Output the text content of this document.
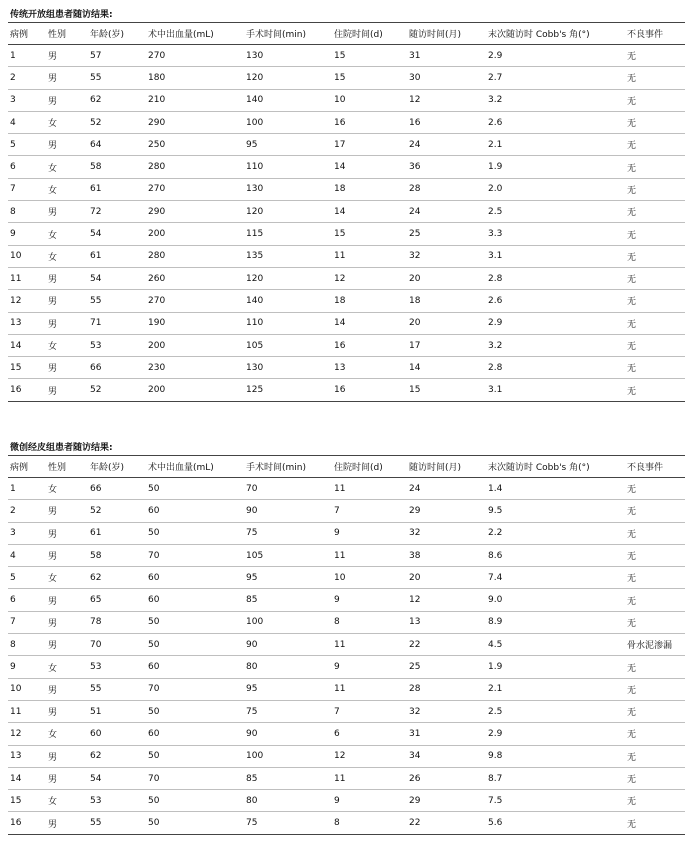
传统开放组患者随访结果:
病例	性别	年龄(岁)	术中出血量(mL)	手术时间(min)	住院时间(d)	随访时间(月)	末次随访时 Cobb's 角(°)	不良事件
1	男	57	270	130	15	31	2.9	无
2	男	55	180	120	15	30	2.7	无
3	男	62	210	140	10	12	3.2	无
4	女	52	290	100	16	16	2.6	无
5	男	64	250	95	17	24	2.1	无
6	女	58	280	110	14	36	1.9	无
7	女	61	270	130	18	28	2.0	无
8	男	72	290	120	14	24	2.5	无
9	女	54	200	115	15	25	3.3	无
10	女	61	280	135	11	32	3.1	无
11	男	54	260	120	12	20	2.8	无
12	男	55	270	140	18	18	2.6	无
13	男	71	190	110	14	20	2.9	无
14	女	53	200	105	16	17	3.2	无
15	男	66	230	130	13	14	2.8	无
16	男	52	200	125	16	15	3.1	无
微创经皮组患者随访结果:
病例	性别	年龄(岁)	术中出血量(mL)	手术时间(min)	住院时间(d)	随访时间(月)	末次随访时 Cobb's 角(°)	不良事件
1	女	66	50	70	11	24	1.4	无
2	男	52	60	90	7	29	9.5	无
3	男	61	50	75	9	32	2.2	无
4	男	58	70	105	11	38	8.6	无
5	女	62	60	95	10	20	7.4	无
6	男	65	60	85	9	12	9.0	无
7	男	78	50	100	8	13	8.9	无
8	男	70	50	90	11	22	4.5	骨水泥渗漏
9	女	53	60	80	9	25	1.9	无
10	男	55	70	95	11	28	2.1	无
11	男	51	50	75	7	32	2.5	无
12	女	60	60	90	6	31	2.9	无
13	男	62	50	100	12	34	9.8	无
14	男	54	70	85	11	26	8.7	无
15	女	53	50	80	9	29	7.5	无
16	男	55	50	75	8	22	5.6	无
